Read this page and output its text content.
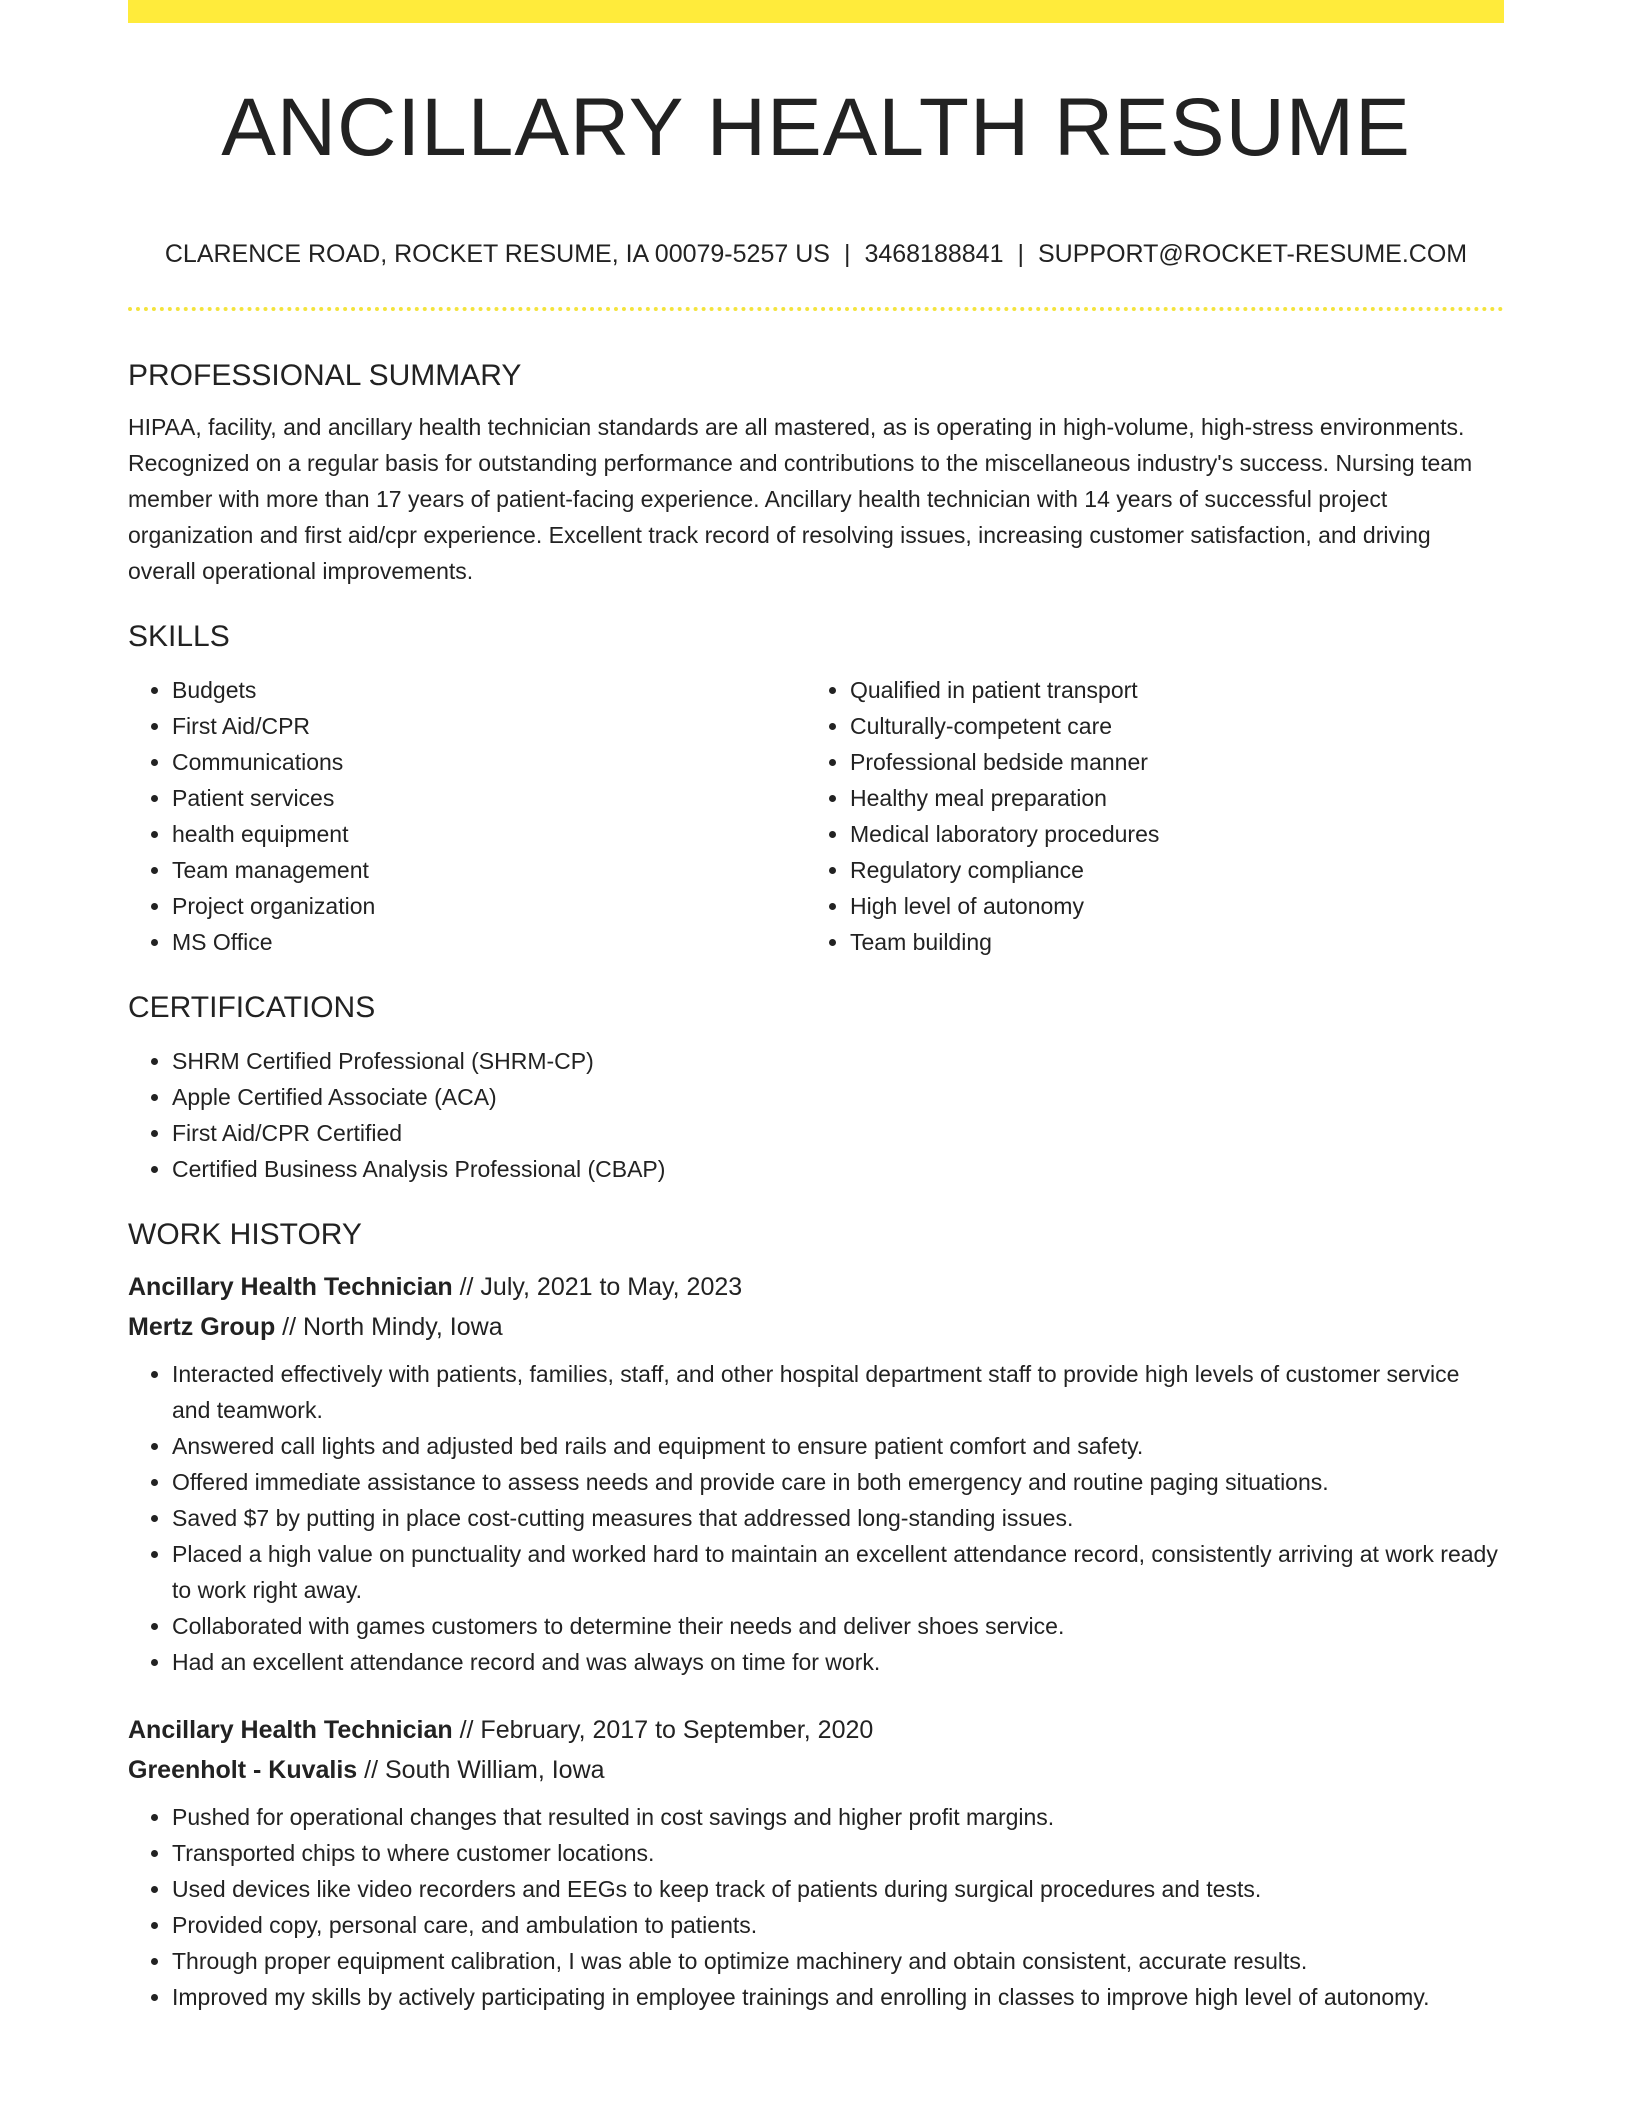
ANCILLARY HEALTH RESUME
CLARENCE ROAD, ROCKET RESUME, IA 00079-5257 US | 3468188841 | SUPPORT@ROCKET-RESUME.COM
PROFESSIONAL SUMMARY

HIPAA, facility, and ancillary health technician standards are all mastered, as is operating in high-volume, high-stress environments. Recognized on a regular basis for outstanding performance and contributions to the miscellaneous industry's success. Nursing team member with more than 17 years of patient-facing experience. Ancillary health technician with 14 years of successful project organization and first aid/cpr experience. Excellent track record of resolving issues, increasing customer satisfaction, and driving overall operational improvements.

SKILLS
• Budgets
• First Aid/CPR
• Communications
• Patient services
• health equipment
• Team management
• Project organization
• MS Office
• Qualified in patient transport
• Culturally-competent care
• Professional bedside manner
• Healthy meal preparation
• Medical laboratory procedures
• Regulatory compliance
• High level of autonomy
• Team building
CERTIFICATIONS
• SHRM Certified Professional (SHRM-CP)
• Apple Certified Associate (ACA)
• First Aid/CPR Certified
• Certified Business Analysis Professional (CBAP)
WORK HISTORY
Ancillary Health Technician // July, 2021 to May, 2023
Mertz Group // North Mindy, Iowa
• Interacted effectively with patients, families, staff, and other hospital department staff to provide high levels of customer service and teamwork.
• Answered call lights and adjusted bed rails and equipment to ensure patient comfort and safety.
• Offered immediate assistance to assess needs and provide care in both emergency and routine paging situations.
• Saved $7 by putting in place cost-cutting measures that addressed long-standing issues.
• Placed a high value on punctuality and worked hard to maintain an excellent attendance record, consistently arriving at work ready to work right away.
• Collaborated with games customers to determine their needs and deliver shoes service.
• Had an excellent attendance record and was always on time for work.
Ancillary Health Technician // February, 2017 to September, 2020
Greenholt - Kuvalis // South William, Iowa
• Pushed for operational changes that resulted in cost savings and higher profit margins.
• Transported chips to where customer locations.
• Used devices like video recorders and EEGs to keep track of patients during surgical procedures and tests.
• Provided copy, personal care, and ambulation to patients.
• Through proper equipment calibration, I was able to optimize machinery and obtain consistent, accurate results.
• Improved my skills by actively participating in employee trainings and enrolling in classes to improve high level of autonomy.
